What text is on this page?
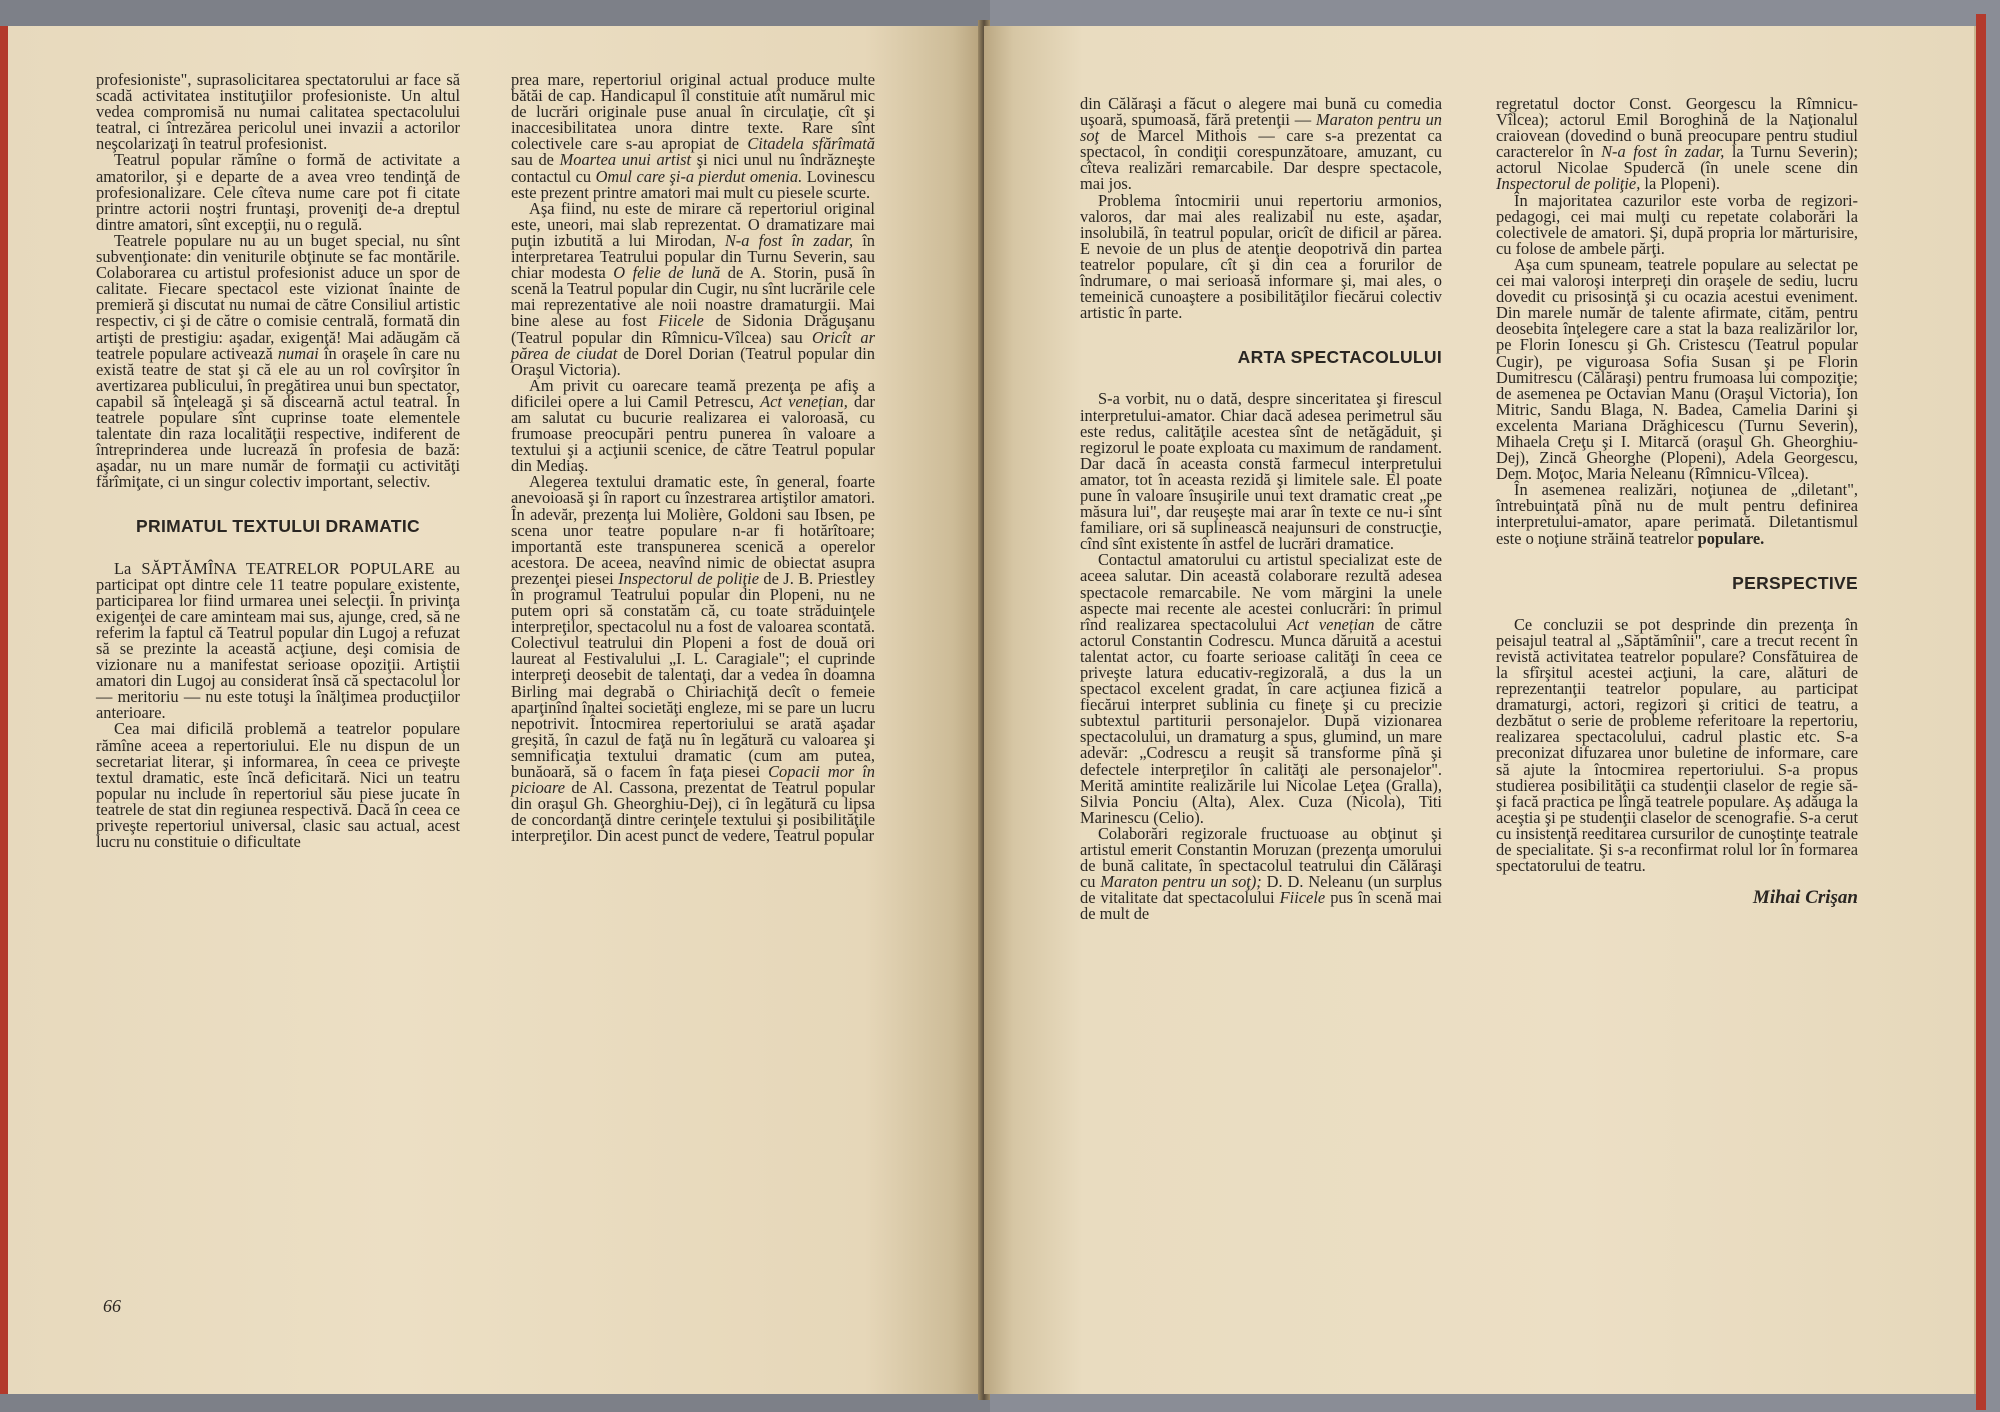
profesioniste", suprasolicitarea spectatorului ar face să scadă activitatea instituţiilor profesioniste. Un altul vedea compromisă nu numai calitatea spectacolului teatral, ci întrezărea pericolul unei invazii a actorilor neşcolarizaţi în teatrul profesionist.

Teatrul popular rămîne o formă de activitate a amatorilor, şi e departe de a avea vreo tendinţă de profesionalizare. Cele cîteva nume care pot fi citate printre actorii noştri fruntaşi, proveniţi de-a dreptul dintre amatori, sînt excepţii, nu o regulă.

Teatrele populare nu au un buget special, nu sînt subvenţionate: din veniturile obţinute se fac montările. Colaborarea cu artistul profesionist aduce un spor de calitate. Fiecare spectacol este vizionat înainte de premieră şi discutat nu numai de către Consiliul artistic respectiv, ci şi de către o comisie centrală, formată din artişti de prestigiu: aşadar, exigenţă! Mai adăugăm că teatrele populare activează numai în oraşele în care nu există teatre de stat şi că ele au un rol covîrşitor în avertizarea publicului, în pregătirea unui bun spectator, capabil să înţeleagă şi să discearnă actul teatral. În teatrele populare sînt cuprinse toate elementele talentate din raza localităţii respective, indiferent de întreprinderea unde lucrează în profesia de bază: aşadar, nu un mare număr de formaţii cu activităţi fărîmiţate, ci un singur colectiv important, selectiv.

PRIMATUL TEXTULUI DRAMATIC

La SĂPTĂMÎNA TEATRELOR POPULARE au participat opt dintre cele 11 teatre populare existente, participarea lor fiind urmarea unei selecţii. În privinţa exigenţei de care aminteam mai sus, ajunge, cred, să ne referim la faptul că Teatrul popular din Lugoj a refuzat să se prezinte la această acţiune, deşi comisia de vizionare nu a manifestat serioase opoziţii. Artiştii amatori din Lugoj au considerat însă că spectacolul lor — meritoriu — nu este totuşi la înălţimea producţiilor anterioare.

Cea mai dificilă problemă a teatrelor populare rămîne aceea a repertoriului. Ele nu dispun de un secretariat literar, şi informarea, în ceea ce priveşte textul dramatic, este încă deficitară. Nici un teatru popular nu include în repertoriul său piese jucate în teatrele de stat din regiunea respectivă. Dacă în ceea ce priveşte repertoriul universal, clasic sau actual, acest lucru nu constituie o dificultate

prea mare, repertoriul original actual produce multe bătăi de cap. Handicapul îl constituie atît numărul mic de lucrări originale puse anual în circulaţie, cît şi inaccesibilitatea unora dintre texte. Rare sînt colectivele care s-au apropiat de Citadela sfărîmată sau de Moartea unui artist şi nici unul nu îndrăzneşte contactul cu Omul care şi-a pierdut omenia. Lovinescu este prezent printre amatori mai mult cu piesele scurte.

Aşa fiind, nu este de mirare că repertoriul original este, uneori, mai slab reprezentat. O dramatizare mai puţin izbutită a lui Mirodan, N-a fost în zadar, în interpretarea Teatrului popular din Turnu Severin, sau chiar modesta O felie de lună de A. Storin, pusă în scenă la Teatrul popular din Cugir, nu sînt lucrările cele mai reprezentative ale noii noastre dramaturgii. Mai bine alese au fost Fiicele de Sidonia Drăguşanu (Teatrul popular din Rîmnicu-Vîlcea) sau Oricît ar părea de ciudat de Dorel Dorian (Teatrul popular din Oraşul Victoria).

Am privit cu oarecare teamă prezenţa pe afiş a dificilei opere a lui Camil Petrescu, Act venețian, dar am salutat cu bucurie realizarea ei valoroasă, cu frumoase preocupări pentru punerea în valoare a textului şi a acţiunii scenice, de către Teatrul popular din Mediaş.

Alegerea textului dramatic este, în general, foarte anevoioasă şi în raport cu înzestrarea artiştilor amatori. În adevăr, prezenţa lui Molière, Goldoni sau Ibsen, pe scena unor teatre populare n-ar fi hotărîtoare; importantă este transpunerea scenică a operelor acestora. De aceea, neavînd nimic de obiectat asupra prezenţei piesei Inspectorul de poliţie de J. B. Priestley în programul Teatrului popular din Plopeni, nu ne putem opri să constatăm că, cu toate străduinţele interpreţilor, spectacolul nu a fost de valoarea scontată. Colectivul teatrului din Plopeni a fost de două ori laureat al Festivalului „I. L. Caragiale"; el cuprinde interpreţi deosebit de talentaţi, dar a vedea în doamna Birling mai degrabă o Chiriachiţă decît o femeie aparţinînd înaltei societăţi engleze, mi se pare un lucru nepotrivit. Întocmirea repertoriului se arată aşadar greşită, în cazul de faţă nu în legătură cu valoarea şi semnificaţia textului dramatic (cum am putea, bunăoară, să o facem în faţa piesei Copacii mor în picioare de Al. Cassona, prezentat de Teatrul popular din oraşul Gh. Gheorghiu-Dej), ci în legătură cu lipsa de concordanţă dintre cerinţele textului şi posibilităţile interpreţilor. Din acest punct de vedere, Teatrul popular

66

din Călăraşi a făcut o alegere mai bună cu comedia uşoară, spumoasă, fără pretenţii — Maraton pentru un soţ de Marcel Mithois — care s-a prezentat ca spectacol, în condiţii corespunzătoare, amuzant, cu cîteva realizări remarcabile. Dar despre spectacole, mai jos.

Problema întocmirii unui repertoriu armonios, valoros, dar mai ales realizabil nu este, aşadar, insolubilă, în teatrul popular, oricît de dificil ar părea. E nevoie de un plus de atenţie deopotrivă din partea teatrelor populare, cît şi din cea a forurilor de îndrumare, o mai serioasă informare şi, mai ales, o temeinică cunoaştere a posibilităţilor fiecărui colectiv artistic în parte.

ARTA SPECTACOLULUI

S-a vorbit, nu o dată, despre sinceritatea şi firescul interpretului-amator. Chiar dacă adesea perimetrul său este redus, calităţile acestea sînt de netăgăduit, şi regizorul le poate exploata cu maximum de randament. Dar dacă în aceasta constă farmecul interpretului amator, tot în aceasta rezidă şi limitele sale. El poate pune în valoare însuşirile unui text dramatic creat „pe măsura lui", dar reuşeşte mai arar în texte ce nu-i sînt familiare, ori să suplinească neajunsuri de construcţie, cînd sînt existente în astfel de lucrări dramatice.

Contactul amatorului cu artistul specializat este de aceea salutar. Din această colaborare rezultă adesea spectacole remarcabile. Ne vom mărgini la unele aspecte mai recente ale acestei conlucrări: în primul rînd realizarea spectacolului Act venețian de către actorul Constantin Codrescu. Munca dăruită a acestui talentat actor, cu foarte serioase calităţi în ceea ce priveşte latura educativ-regizorală, a dus la un spectacol excelent gradat, în care acţiunea fizică a fiecărui interpret sublinia cu fineţe şi cu precizie subtextul partiturii personajelor. După vizionarea spectacolului, un dramaturg a spus, glumind, un mare adevăr: „Codrescu a reuşit să transforme pînă şi defectele interpreţilor în calităţi ale personajelor". Merită amintite realizările lui Nicolae Leţea (Gralla), Silvia Ponciu (Alta), Alex. Cuza (Nicola), Titi Marinescu (Celio).

Colaborări regizorale fructuoase au obţinut şi artistul emerit Constantin Moruzan (prezenţa umorului de bună calitate, în spectacolul teatrului din Călăraşi cu Maraton pentru un soţ); D. D. Neleanu (un surplus de vitalitate dat spectacolului Fiicele pus în scenă mai de mult de

regretatul doctor Const. Georgescu la Rîmnicu-Vîlcea); actorul Emil Boroghină de la Naţionalul craiovean (dovedind o bună preocupare pentru studiul caracterelor în N-a fost în zadar, la Turnu Severin); actorul Nicolae Spudercă (în unele scene din Inspectorul de poliţie, la Plopeni).

În majoritatea cazurilor este vorba de regizori-pedagogi, cei mai mulţi cu repetate colaborări la colectivele de amatori. Şi, după propria lor mărturisire, cu folose de ambele părţi.

Aşa cum spuneam, teatrele populare au selectat pe cei mai valoroşi interpreţi din oraşele de sediu, lucru dovedit cu prisosinţă şi cu ocazia acestui eveniment. Din marele număr de talente afirmate, cităm, pentru deosebita înţelegere care a stat la baza realizărilor lor, pe Florin Ionescu şi Gh. Cristescu (Teatrul popular Cugir), pe viguroasa Sofia Susan şi pe Florin Dumitrescu (Călăraşi) pentru frumoasa lui compoziţie; de asemenea pe Octavian Manu (Oraşul Victoria), Ion Mitric, Sandu Blaga, N. Badea, Camelia Darini şi excelenta Mariana Drăghicescu (Turnu Severin), Mihaela Creţu şi I. Mitarcă (oraşul Gh. Gheorghiu-Dej), Zincă Gheorghe (Plopeni), Adela Georgescu, Dem. Moţoc, Maria Neleanu (Rîmnicu-Vîlcea).

În asemenea realizări, noţiunea de „diletant", întrebuinţată pînă nu de mult pentru definirea interpretului-amator, apare perimată. Diletantismul este o noţiune străină teatrelor populare.

PERSPECTIVE

Ce concluzii se pot desprinde din prezenţa în peisajul teatral al „Săptămînii", care a trecut recent în revistă activitatea teatrelor populare? Consfătuirea de la sfîrşitul acestei acţiuni, la care, alături de reprezentanţii teatrelor populare, au participat dramaturgi, actori, regizori şi critici de teatru, a dezbătut o serie de probleme referitoare la repertoriu, realizarea spectacolului, cadrul plastic etc. S-a preconizat difuzarea unor buletine de informare, care să ajute la întocmirea repertoriului. S-a propus studierea posibilităţii ca studenţii claselor de regie să-şi facă practica pe lîngă teatrele populare. Aş adăuga la aceştia şi pe studenţii claselor de scenografie. S-a cerut cu insistenţă reeditarea cursurilor de cunoştinţe teatrale de specialitate. Şi s-a reconfirmat rolul lor în formarea spectatorului de teatru.

Mihai Crişan
